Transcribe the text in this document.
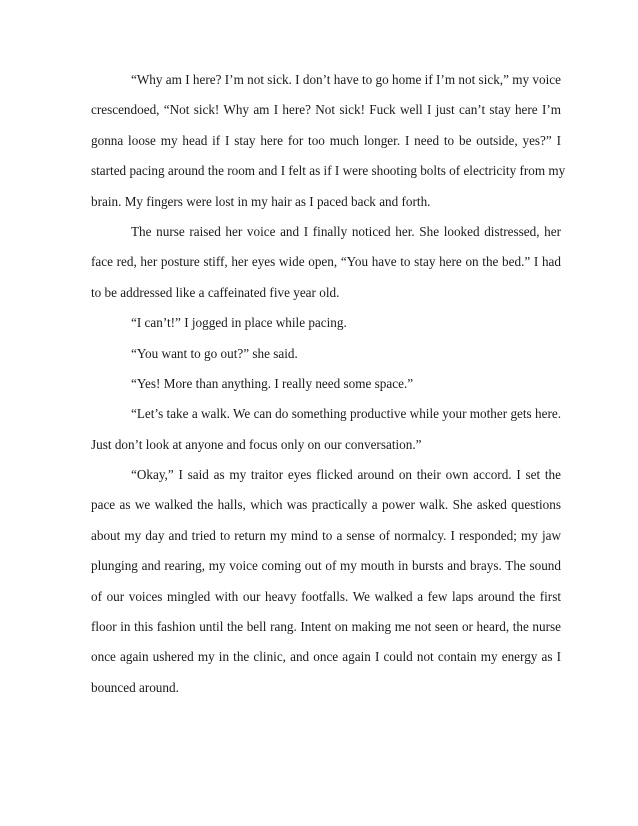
“Why am I here? I’m not sick. I don’t have to go home if I’m not sick,” my voice
crescendoed, “Not sick! Why am I here? Not sick! Fuck well I just can’t stay here I’m
gonna loose my head if I stay here for too much longer. I need to be outside, yes?” I
started pacing around the room and I felt as if I were shooting bolts of electricity from my
brain. My fingers were lost in my hair as I paced back and forth.
The nurse raised her voice and I finally noticed her. She looked distressed, her
face red, her posture stiff, her eyes wide open, “You have to stay here on the bed.” I had
to be addressed like a caffeinated five year old.
“I can’t!” I jogged in place while pacing.
“You want to go out?” she said.
“Yes! More than anything. I really need some space.”
“Let’s take a walk. We can do something productive while your mother gets here.
Just don’t look at anyone and focus only on our conversation.”
“Okay,” I said as my traitor eyes flicked around on their own accord. I set the
pace as we walked the halls, which was practically a power walk. She asked questions
about my day and tried to return my mind to a sense of normalcy. I responded; my jaw
plunging and rearing, my voice coming out of my mouth in bursts and brays. The sound
of our voices mingled with our heavy footfalls. We walked a few laps around the first
floor in this fashion until the bell rang. Intent on making me not seen or heard, the nurse
once again ushered my in the clinic, and once again I could not contain my energy as I
bounced around.
